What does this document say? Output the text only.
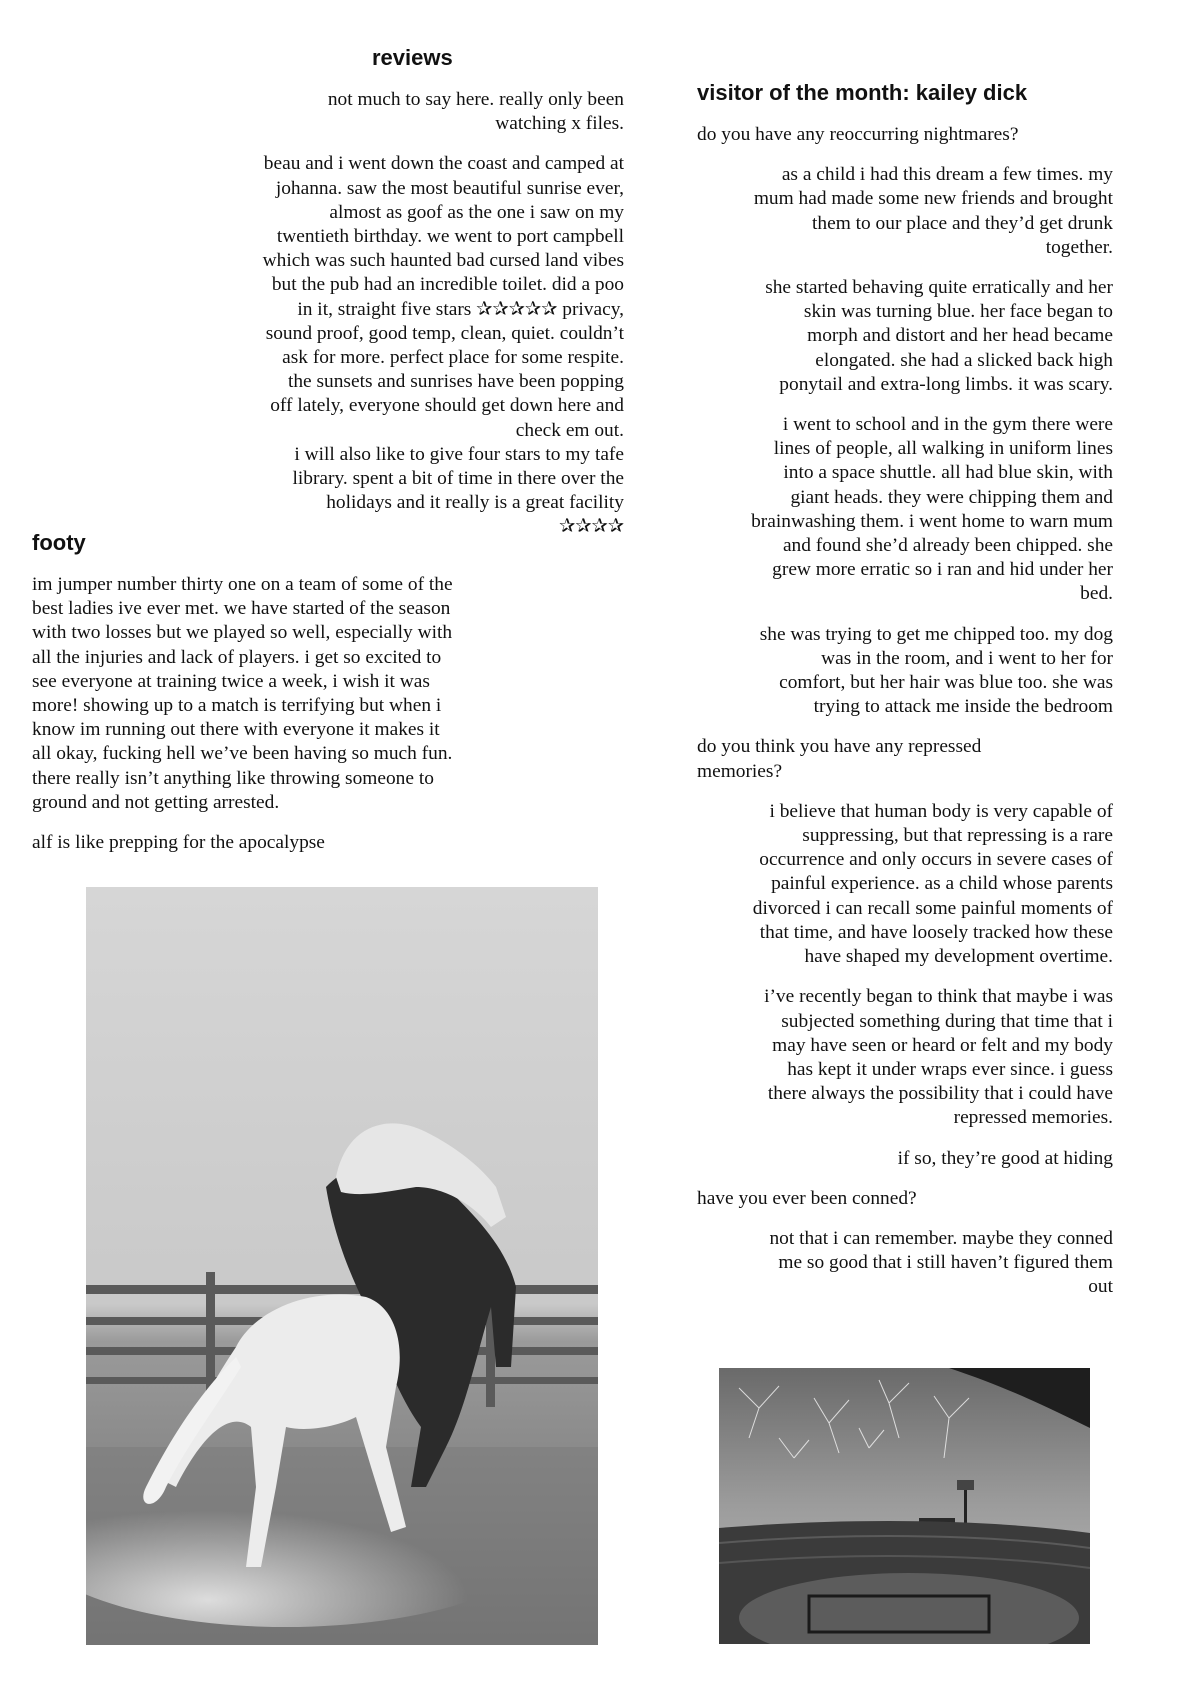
reviews

not much to say here. really only been

watching x files.

beau and i went down the coast and camped at

johanna. saw the most beautiful sunrise ever,

almost as goof as the one i saw on my

twentieth birthday. we went to port campbell

which was such haunted bad cursed land vibes

but the pub had an incredible toilet. did a poo

in it, straight five stars ✰✰✰✰✰ privacy,

sound proof, good temp, clean, quiet. couldn’t

ask for more. perfect place for some respite.

the sunsets and sunrises have been popping

off lately, everyone should get down here and

check em out.

i will also like to give four stars to my tafe

library. spent a bit of time in there over the

holidays and it really is a great facility

✰✰✰✰

footy

im jumper number thirty one on a team of some of the

best ladies ive ever met. we have started of the season

with two losses but we played so well, especially with

all the injuries and lack of players. i get so excited to

see everyone at training twice a week, i wish it was

more! showing up to a match is terrifying but when i

know im running out there with everyone it makes it

all okay, fucking hell we’ve been having so much fun.

there really isn’t anything like throwing someone to

ground and not getting arrested.

alf is like prepping for the apocalypse

visitor of the month: kailey dick

do you have any reoccurring nightmares?

as a child i had this dream a few times. my

mum had made some new friends and brought

them to our place and they’d get drunk

together.

she started behaving quite erratically and her

skin was turning blue. her face began to

morph and distort and her head became

elongated. she had a slicked back high

ponytail and extra-long limbs. it was scary.

i went to school and in the gym there were

lines of people, all walking in uniform lines

into a space shuttle. all had blue skin, with

giant heads. they were chipping them and

brainwashing them. i went home to warn mum

and found she’d already been chipped. she

grew more erratic so i ran and hid under her

bed.

she was trying to get me chipped too. my dog

was in the room, and i went to her for

comfort, but her hair was blue too. she was

trying to attack me inside the bedroom

do you think you have any repressed

memories?

i believe that human body is very capable of

suppressing, but that repressing is a rare

occurrence and only occurs in severe cases of

painful experience. as a child whose parents

divorced i can recall some painful moments of

that time, and have loosely tracked how these

have shaped my development overtime.

i’ve recently began to think that maybe i was

subjected something during that time that i

may have seen or heard or felt and my body

has kept it under wraps ever since. i guess

there always the possibility that i could have

repressed memories.

if so, they’re good at hiding

have you ever been conned?

not that i can remember. maybe they conned

me so good that i still haven’t figured them

out
